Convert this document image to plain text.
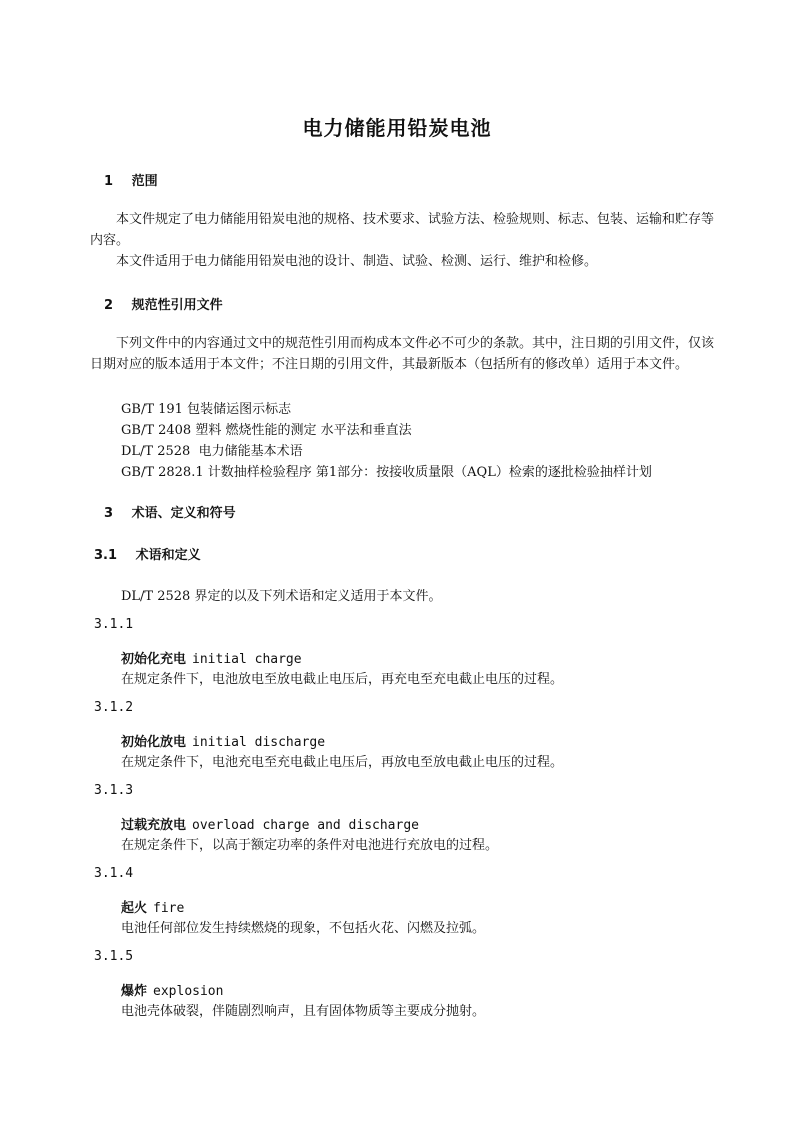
电力储能用铅炭电池
1 范围
本文件规定了电力储能用铅炭电池的规格、技术要求、试验方法、检验规则、标志、包装、运输和贮存等内容。
本文件适用于电力储能用铅炭电池的设计、制造、试验、检测、运行、维护和检修。
2 规范性引用文件
下列文件中的内容通过文中的规范性引用而构成本文件必不可少的条款。其中，注日期的引用文件，仅该日期对应的版本适用于本文件；不注日期的引用文件，其最新版本（包括所有的修改单）适用于本文件。
GB/T 191 包装储运图示标志
GB/T 2408 塑料 燃烧性能的测定 水平法和垂直法
DL/T 2528  电力储能基本术语
GB/T 2828.1 计数抽样检验程序 第1部分：按接收质量限（AQL）检索的逐批检验抽样计划
3 术语、定义和符号
3.1 术语和定义
DL/T 2528 界定的以及下列术语和定义适用于本文件。
3.1.1
初始化充电 initial charge
在规定条件下，电池放电至放电截止电压后，再充电至充电截止电压的过程。
3.1.2
初始化放电 initial discharge
在规定条件下，电池充电至充电截止电压后，再放电至放电截止电压的过程。
3.1.3
过载充放电 overload charge and discharge
在规定条件下，以高于额定功率的条件对电池进行充放电的过程。
3.1.4
起火 fire
电池任何部位发生持续燃烧的现象，不包括火花、闪燃及拉弧。
3.1.5
爆炸 explosion
电池壳体破裂，伴随剧烈响声，且有固体物质等主要成分抛射。
